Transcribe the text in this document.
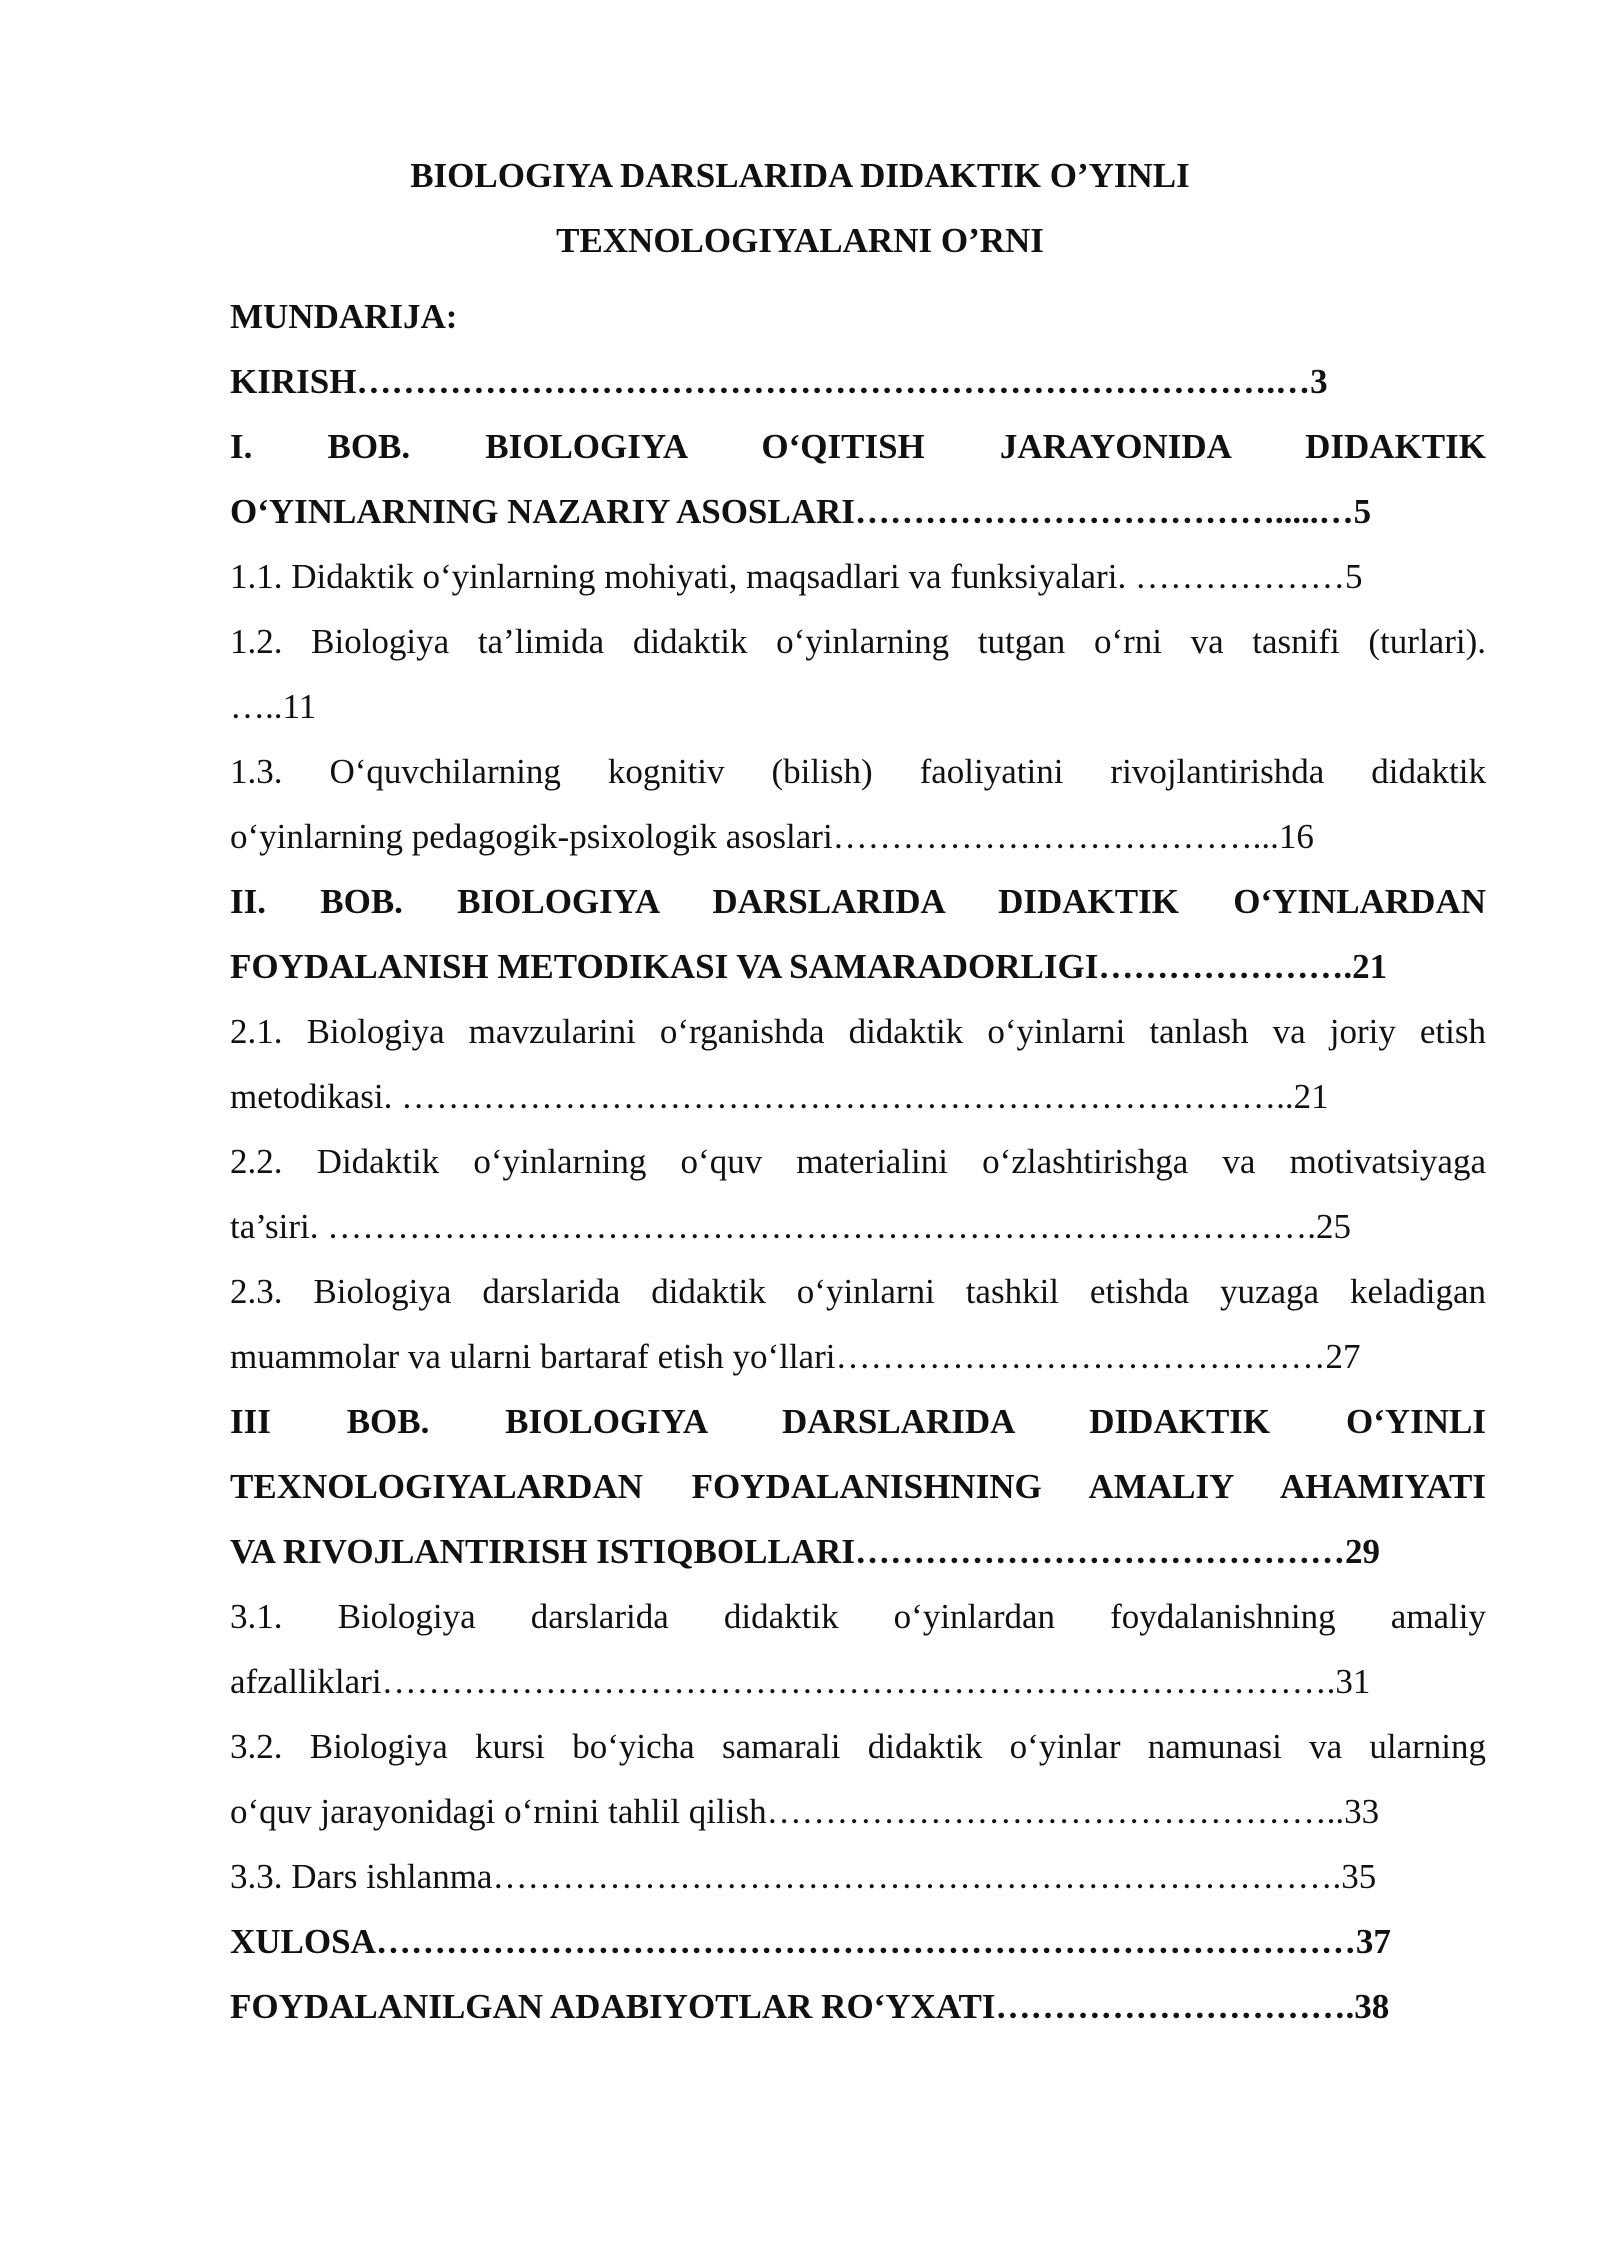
BIOLOGIYA DARSLARIDA DIDAKTIK O’YINLI
TEXNOLOGIYALARNI O’RNI
MUNDARIJA:
KIRISH…………………………………………………………………….…3
I. BOB. BIOLOGIYA O‘QITISH JARAYONIDA DIDAKTIK
O‘YINLARNING NAZARIY ASOSLARI……………………………….....…5
1.1. Didaktik o‘yinlarning mohiyati, maqsadlari va funksiyalari. ………………5
1.2. Biologiya ta’limida didaktik o‘yinlarning tutgan o‘rni va tasnifi (turlari).
…..11
1.3. O‘quvchilarning kognitiv (bilish) faoliyatini rivojlantirishda didaktik
o‘yinlarning pedagogik-psixologik asoslari………………………………...16
II. BOB. BIOLOGIYA DARSLARIDA DIDAKTIK O‘YINLARDAN
FOYDALANISH METODIKASI VA SAMARADORLIGI………………….21
2.1. Biologiya mavzularini o‘rganishda didaktik o‘yinlarni tanlash va joriy etish
metodikasi. …………………………………………………………………..21
2.2. Didaktik o‘yinlarning o‘quv materialini o‘zlashtirishga va motivatsiyaga
ta’siri. ………………………………………………………………………….25
2.3. Biologiya darslarida didaktik o‘yinlarni tashkil etishda yuzaga keladigan
muammolar va ularni bartaraf etish yo‘llari……………………………………27
III BOB. BIOLOGIYA DARSLARIDA DIDAKTIK O‘YINLI
TEXNOLOGIYALARDAN FOYDALANISHNING AMALIY AHAMIYATI
VA RIVOJLANTIRISH ISTIQBOLLARI……………………………………29
3.1. Biologiya darslarida didaktik o‘yinlardan foydalanishning amaliy
afzalliklari……………………………………………………………………….31
3.2. Biologiya kursi bo‘yicha samarali didaktik o‘yinlar namunasi va ularning
o‘quv jarayonidagi o‘rnini tahlil qilish…………………………………………..33
3.3. Dars ishlanma……………………………………………………………….35
XULOSA…………………………………………………………………………37
FOYDALANILGAN ADABIYOTLAR RO‘YXATI………………………….38
